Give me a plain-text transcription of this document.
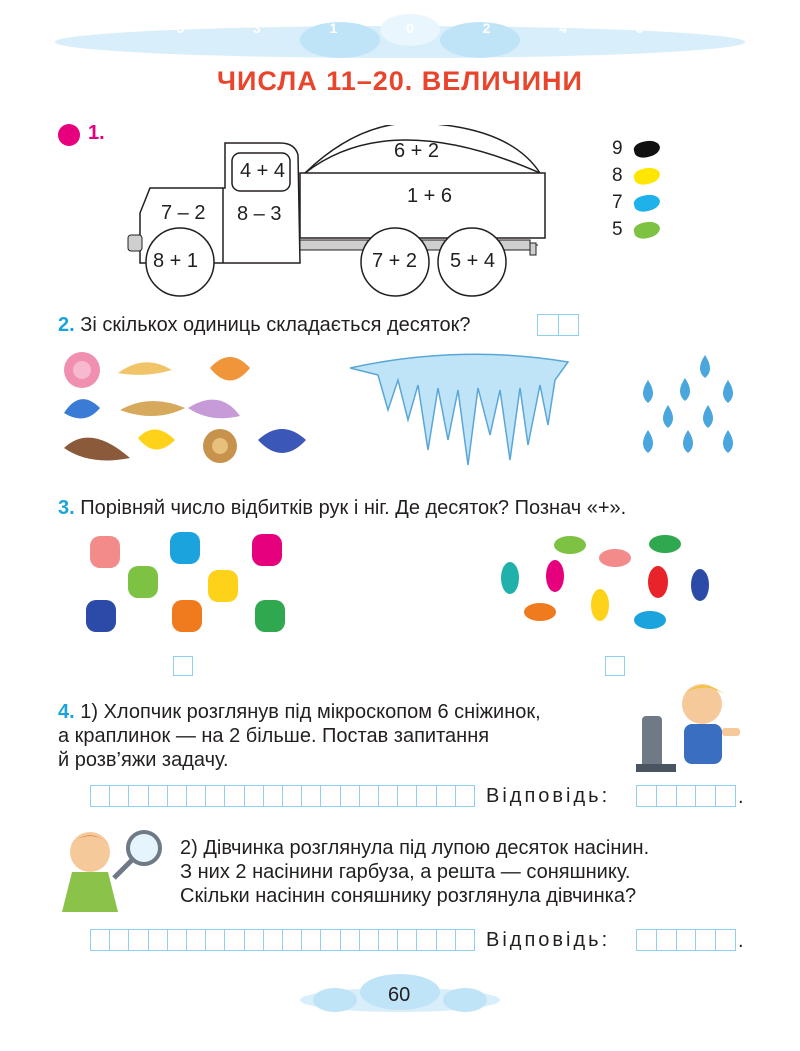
7	5	3	1	0	2	4	6	8
ЧИСЛА 11–20. ВЕЛИЧИНИ
1.
6 + 2
4 + 4
1 + 6
7 – 2 8 – 3
8 + 1	7 + 2 5 + 4
9
8
7
5
2. Зі скількох одиниць складається десяток?
3. Порівняй число відбитків рук і ніг. Де десяток? Познач «+».
4. 1) Хлопчик розглянув під мікроскопом 6 сніжинок,
а краплинок — на 2 більше. Постав запитання
й розв’яжи задачу.
Відповідь:	.
2) Дівчинка розглянула під лупою десяток насінин.
З них 2 насінини гарбуза, а решта — соняшнику.
Скільки насінин соняшнику розглянула дівчинка?
Відповідь:	.
60
